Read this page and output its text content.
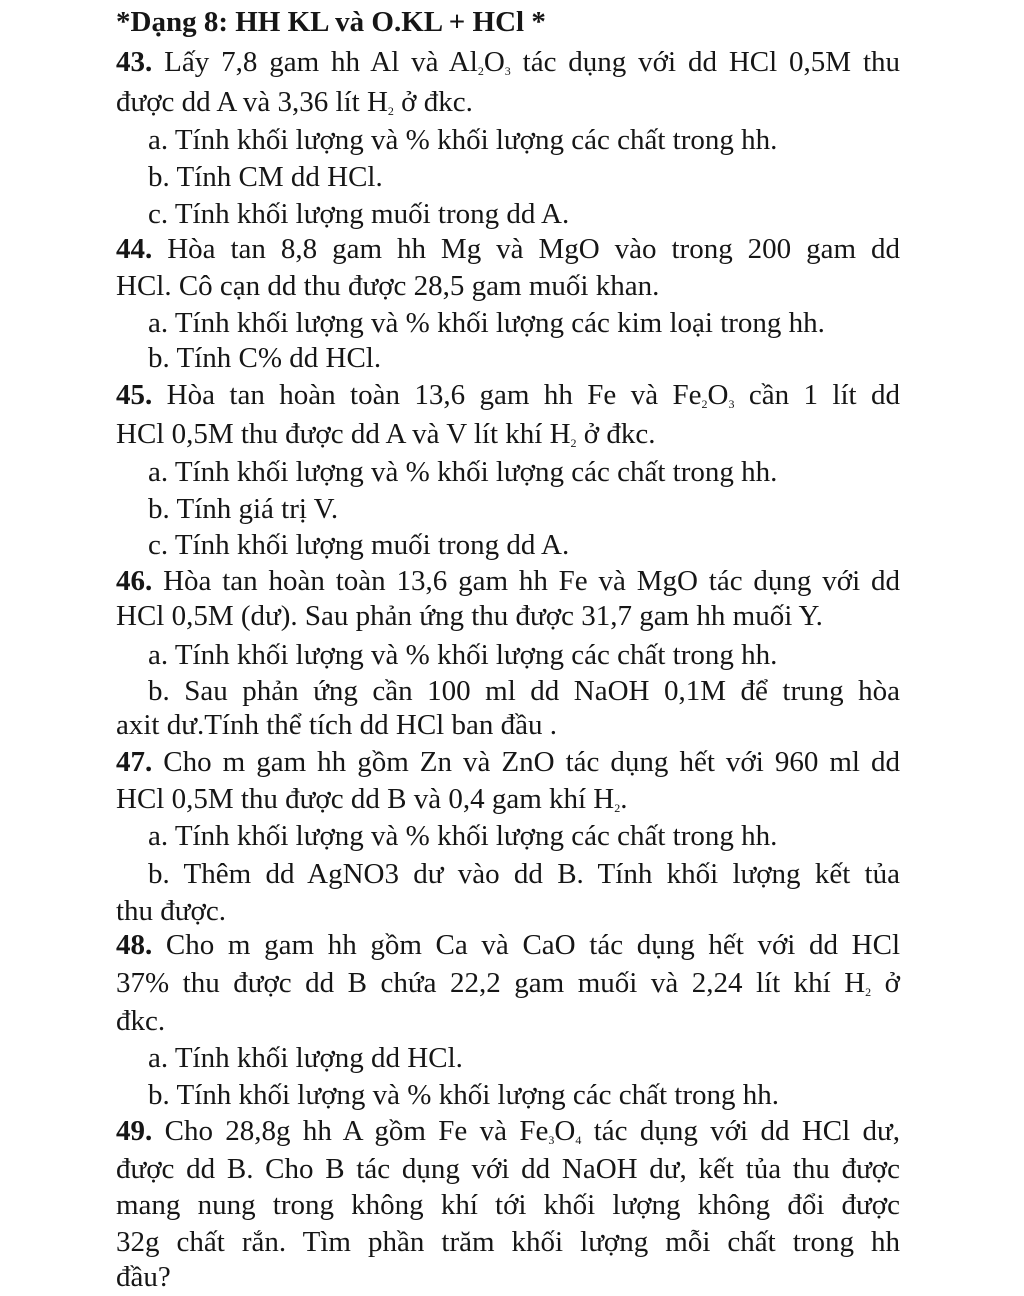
*Dạng 8: HH KL và O.KL + HCl *
43. Lấy 7,8 gam hh Al và $Al_2O_3$ tác dụng với dd HCl 0,5M thu
được dd A và 3,36 lít $H_2$ ở đkc.
a. Tính khối lượng và % khối lượng các chất trong hh.
b. Tính CM dd HCl.
c. Tính khối lượng muối trong dd A.
44. Hòa tan 8,8 gam hh Mg và MgO vào trong 200 gam dd
HCl. Cô cạn dd thu được 28,5 gam muối khan.
a. Tính khối lượng và % khối lượng các kim loại trong hh.
b. Tính C% dd HCl.
45. Hòa tan hoàn toàn 13,6 gam hh Fe và $Fe_2O_3$ cần 1 lít dd
HCl 0,5M thu được dd A và V lít khí $H_2$ ở đkc.
a. Tính khối lượng và % khối lượng các chất trong hh.
b. Tính giá trị V.
c. Tính khối lượng muối trong dd A.
46. Hòa tan hoàn toàn 13,6 gam hh Fe và MgO tác dụng với dd
HCl 0,5M (dư). Sau phản ứng thu được 31,7 gam hh muối Y.
a. Tính khối lượng và % khối lượng các chất trong hh.
b. Sau phản ứng cần 100 ml dd NaOH 0,1M để trung hòa
axit dư.Tính thể tích dd HCl ban đầu .
47. Cho m gam hh gồm Zn và ZnO tác dụng hết với 960 ml dd
HCl 0,5M thu được dd B và 0,4 gam khí $H_2$.
a. Tính khối lượng và % khối lượng các chất trong hh.
b. Thêm dd AgNO3 dư vào dd B. Tính khối lượng kết tủa
thu được.
48. Cho m gam hh gồm Ca và CaO tác dụng hết với dd HCl
37% thu được dd B chứa 22,2 gam muối và 2,24 lít khí $H_2$ ở
đkc.
a. Tính khối lượng dd HCl.
b. Tính khối lượng và % khối lượng các chất trong hh.
49. Cho 28,8g hh A gồm Fe và $Fe_3O_4$ tác dụng với dd HCl dư,
được dd B. Cho B tác dụng với dd NaOH dư, kết tủa thu được
mang nung trong không khí tới khối lượng không đổi được
32g chất rắn. Tìm phần trăm khối lượng mỗi chất trong hh
đầu?
